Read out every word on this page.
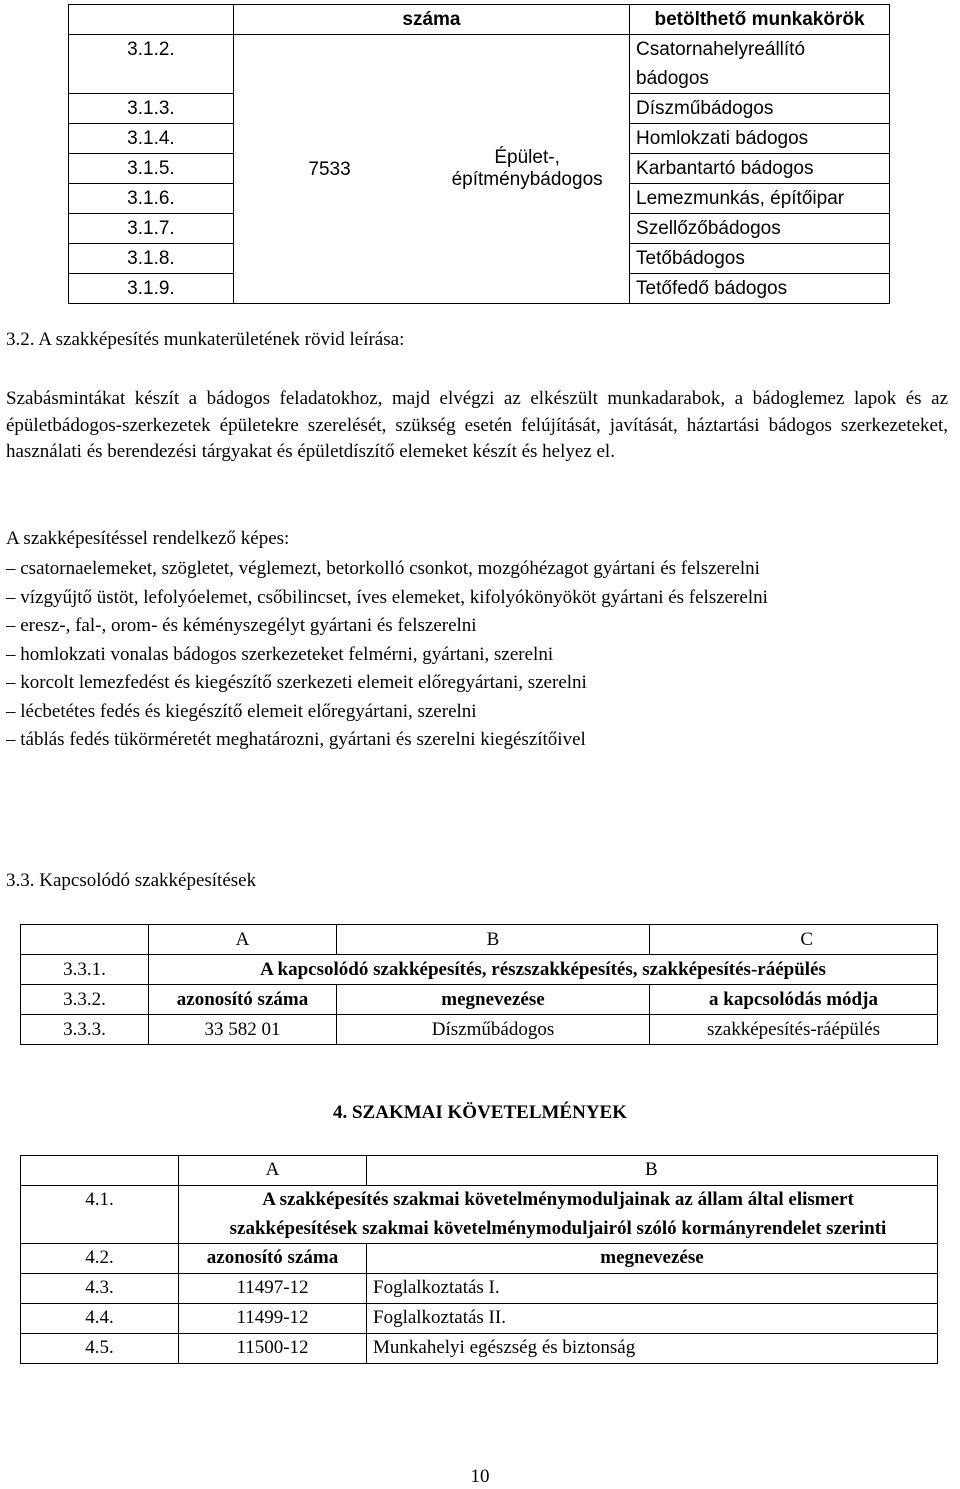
	száma		betölthető munkakörök
3.1.2.	7533	Épület-, építménybádogos	Csatornahelyreállító bádogos
3.1.3.			Díszműbádogos
3.1.4.			Homlokzati bádogos
3.1.5.			Karbantartó bádogos
3.1.6.			Lemezmunkás, építőipar
3.1.7.			Szellőzőbádogos
3.1.8.			Tetőbádogos
3.1.9.			Tetőfedő bádogos

3.2. A szakképesítés munkaterületének rövid leírása:

Szabásmintákat készít a bádogos feladatokhoz, majd elvégzi az elkészült munkadarabok, a bádoglemez lapok és az épületbádogos-szerkezetek épületekre szerelését, szükség esetén felújítását, javítását, háztartási bádogos szerkezeteket, használati és berendezési tárgyakat és épületdíszítő elemeket készít és helyez el.

A szakképesítéssel rendelkező képes:

– csatornaelemeket, szögletet, véglemezt, betorkolló csonkot, mozgóhézagot gyártani és felszerelni
– vízgyűjtő üstöt, lefolyóelemet, csőbilincset, íves elemeket, kifolyókönyököt gyártani és felszerelni
– eresz-, fal-, orom- és kéményszegélyt gyártani és felszerelni
– homlokzati vonalas bádogos szerkezeteket felmérni, gyártani, szerelni
– korcolt lemezfedést és kiegészítő szerkezeti elemeit előregyártani, szerelni
– lécbetétes fedés és kiegészítő elemeit előregyártani, szerelni
– táblás fedés tükörméretét meghatározni, gyártani és szerelni kiegészítőivel

3.3. Kapcsolódó szakképesítések

	A	B	C
3.3.1.	A kapcsolódó szakképesítés, részszakképesítés, szakképesítés-ráépülés		
3.3.2.	azonosító száma	megnevezése	a kapcsolódás módja
3.3.3.	33 582 01	Díszműbádogos	szakképesítés-ráépülés

4. SZAKMAI KÖVETELMÉNYEK

	A	B
4.1.	A szakképesítés szakmai követelménymoduljainak az állam által elismert szakképesítések szakmai követelménymoduljairól szóló kormányrendelet szerinti	
4.2.	azonosító száma	megnevezése
4.3.	11497-12	Foglalkoztatás I.
4.4.	11499-12	Foglalkoztatás II.
4.5.	11500-12	Munkahelyi egészség és biztonság
10
